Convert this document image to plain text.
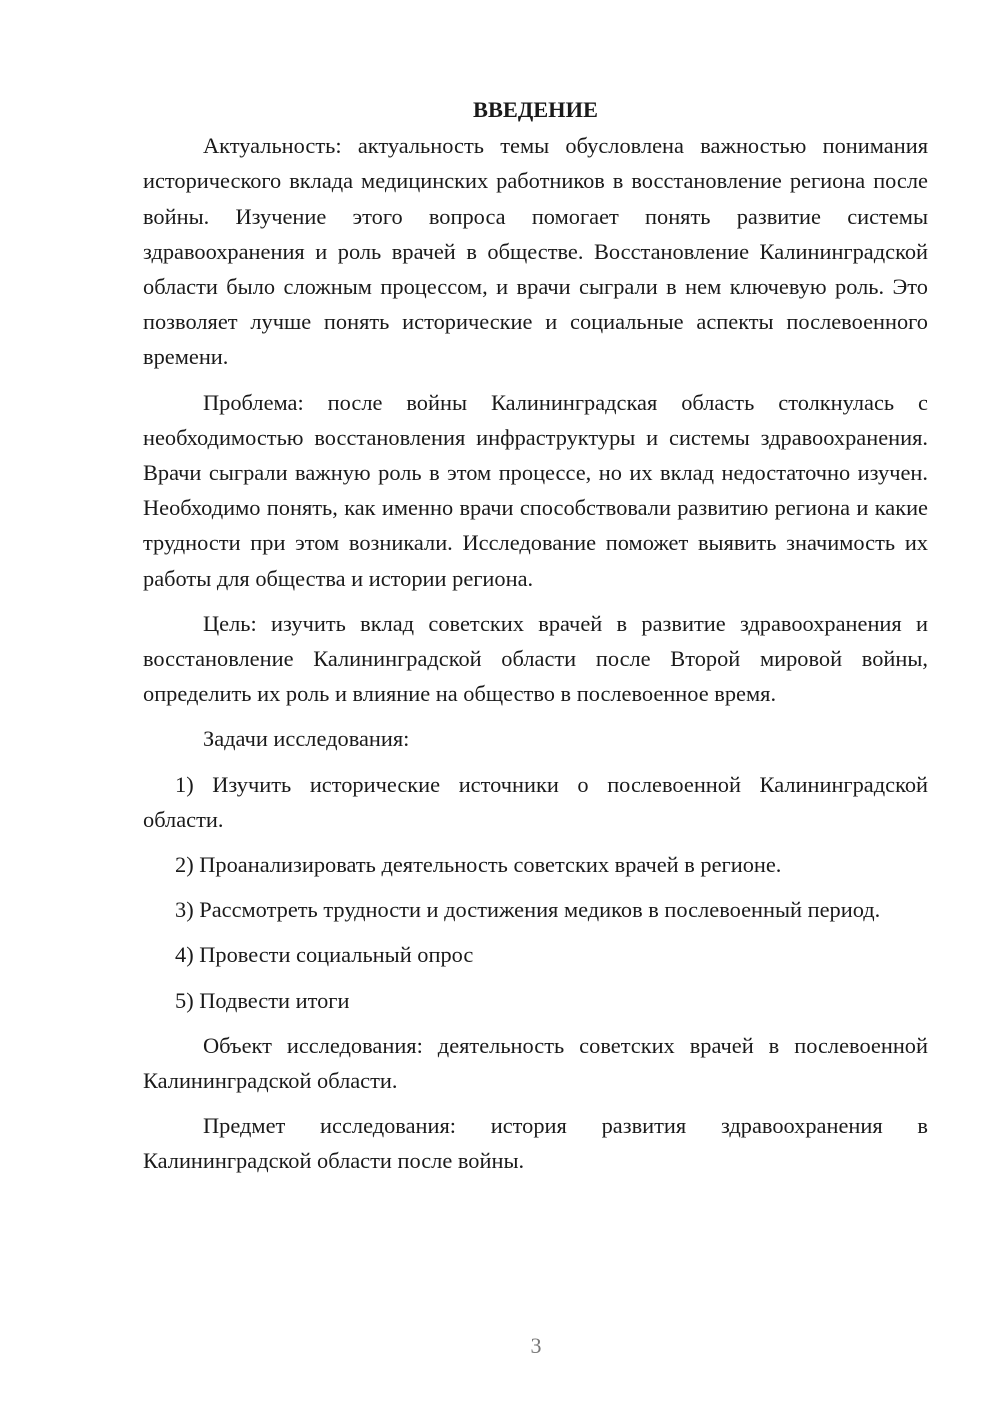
ВВЕДЕНИЕ

Актуальность: актуальность темы обусловлена важностью понимания исторического вклада медицинских работников в восстановление региона после войны. Изучение этого вопроса помогает понять развитие системы здравоохранения и роль врачей в обществе. Восстановление Калининградской области было сложным процессом, и врачи сыграли в нем ключевую роль. Это позволяет лучше понять исторические и социальные аспекты послевоенного времени.

Проблема: после войны Калининградская область столкнулась с необходимостью восстановления инфраструктуры и системы здравоохранения. Врачи сыграли важную роль в этом процессе, но их вклад недостаточно изучен. Необходимо понять, как именно врачи способствовали развитию региона и какие трудности при этом возникали. Исследование поможет выявить значимость их работы для общества и истории региона.

Цель: изучить вклад советских врачей в развитие здравоохранения и восстановление Калининградской области после Второй мировой войны, определить их роль и влияние на общество в послевоенное время.

Задачи исследования:

1) Изучить исторические источники о послевоенной Калининградской области.

2) Проанализировать деятельность советских врачей в регионе.

3) Рассмотреть трудности и достижения медиков в послевоенный период.

4) Провести социальный опрос

5) Подвести итоги

Объект исследования: деятельность советских врачей в послевоенной Калининградской области.

Предмет исследования: история развития здравоохранения в Калининградской области после войны.

3
